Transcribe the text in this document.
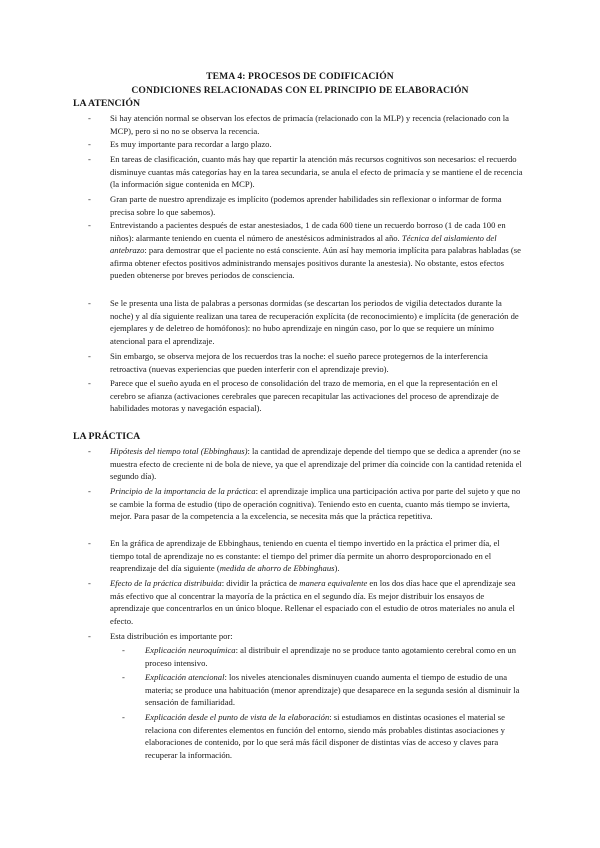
TEMA 4: PROCESOS DE CODIFICACIÓN
CONDICIONES RELACIONADAS CON EL PRINCIPIO DE ELABORACIÓN
LA ATENCIÓN
- Si hay atención normal se observan los efectos de primacía (relacionado con la MLP) y recencia (relacionado con la MCP), pero si no no se observa la recencia.
- Es muy importante para recordar a largo plazo.
- En tareas de clasificación, cuanto más hay que repartir la atención más recursos cognitivos son necesarios: el recuerdo disminuye cuantas más categorías hay en la tarea secundaria, se anula el efecto de primacía y se mantiene el de recencia (la información sigue contenida en MCP).
- Gran parte de nuestro aprendizaje es implícito (podemos aprender habilidades sin reflexionar o informar de forma precisa sobre lo que sabemos).
- Entrevistando a pacientes después de estar anestesiados, 1 de cada 600 tiene un recuerdo borroso (1 de cada 100 en niños): alarmante teniendo en cuenta el número de anestésicos administrados al año. Técnica del aislamiento del antebrazo: para demostrar que el paciente no está consciente. Aún así hay memoria implícita para palabras habladas (se afirma obtener efectos positivos administrando mensajes positivos durante la anestesia). No obstante, estos efectos pueden obtenerse por breves periodos de consciencia.
- Se le presenta una lista de palabras a personas dormidas (se descartan los periodos de vigilia detectados durante la noche) y al día siguiente realizan una tarea de recuperación explícita (de reconocimiento) e implícita (de generación de ejemplares y de deletreo de homófonos): no hubo aprendizaje en ningún caso, por lo que se requiere un mínimo atencional para el aprendizaje.
- Sin embargo, se observa mejora de los recuerdos tras la noche: el sueño parece protegernos de la interferencia retroactiva (nuevas experiencias que pueden interferir con el aprendizaje previo).
- Parece que el sueño ayuda en el proceso de consolidación del trazo de memoria, en el que la representación en el cerebro se afianza (activaciones cerebrales que parecen recapitular las activaciones del proceso de aprendizaje de habilidades motoras y navegación espacial).
LA PRÁCTICA
- Hipótesis del tiempo total (Ebbinghaus): la cantidad de aprendizaje depende del tiempo que se dedica a aprender (no se muestra efecto de creciente ni de bola de nieve, ya que el aprendizaje del primer día coincide con la cantidad retenida el segundo día).
- Principio de la importancia de la práctica: el aprendizaje implica una participación activa por parte del sujeto y que no se cambie la forma de estudio (tipo de operación cognitiva). Teniendo esto en cuenta, cuanto más tiempo se invierta, mejor. Para pasar de la competencia a la excelencia, se necesita más que la práctica repetitiva.
- En la gráfica de aprendizaje de Ebbinghaus, teniendo en cuenta el tiempo invertido en la práctica el primer día, el tiempo total de aprendizaje no es constante: el tiempo del primer día permite un ahorro desproporcionado en el reaprendizaje del día siguiente (medida de ahorro de Ebbinghaus).
- Efecto de la práctica distribuida: dividir la práctica de manera equivalente en los dos días hace que el aprendizaje sea más efectivo que al concentrar la mayoría de la práctica en el segundo día. Es mejor distribuir los ensayos de aprendizaje que concentrarlos en un único bloque. Rellenar el espaciado con el estudio de otros materiales no anula el efecto.
- Esta distribución es importante por:
- Explicación neuroquímica: al distribuir el aprendizaje no se produce tanto agotamiento cerebral como en un proceso intensivo.
- Explicación atencional: los niveles atencionales disminuyen cuando aumenta el tiempo de estudio de una materia; se produce una habituación (menor aprendizaje) que desaparece en la segunda sesión al disminuir la sensación de familiaridad.
- Explicación desde el punto de vista de la elaboración: si estudiamos en distintas ocasiones el material se relaciona con diferentes elementos en función del entorno, siendo más probables distintas asociaciones y elaboraciones de contenido, por lo que será más fácil disponer de distintas vías de acceso y claves para recuperar la información.
